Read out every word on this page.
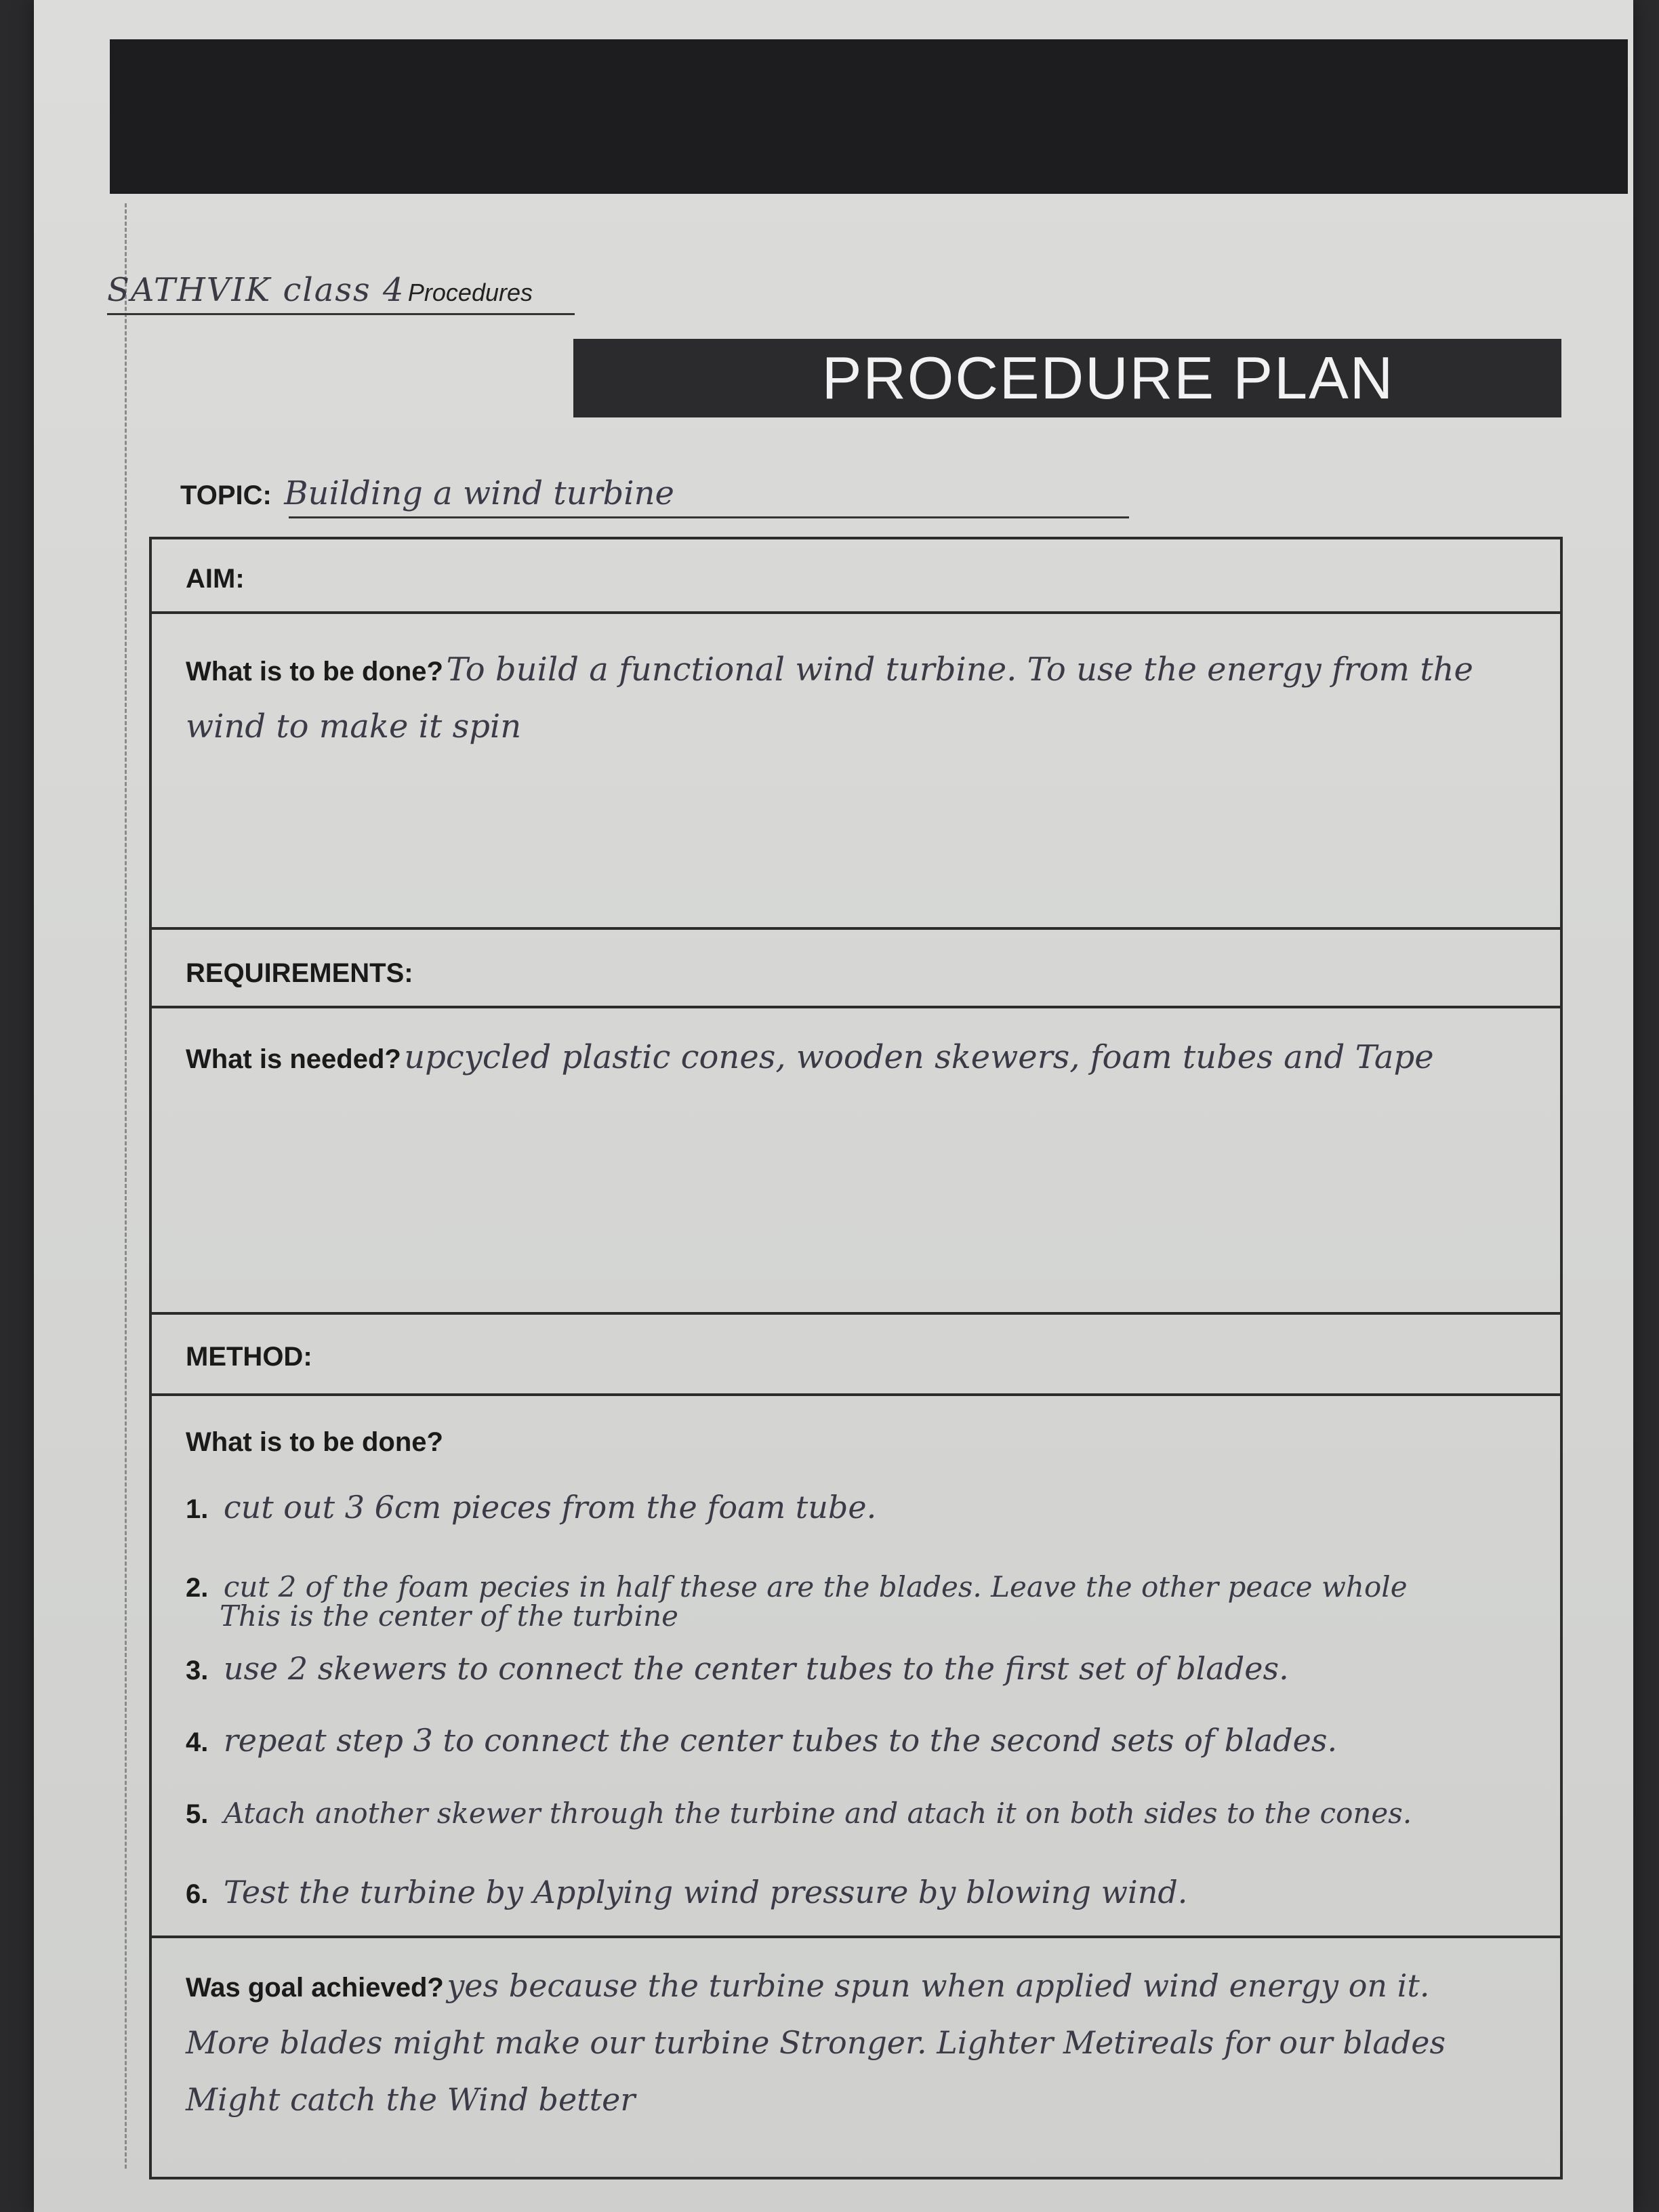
SATHVIK class 4 Procedures
PROCEDURE PLAN
TOPIC: Building a wind turbine
AIM:
What is to be done? To build a functional wind turbine. To use the energy from the wind to make it spin
REQUIREMENTS:
What is needed? upcycled plastic cones, wooden skewers, foam tubes and Tape
METHOD:
What is to be done?
1. cut out 3 6cm pieces from the foam tube.
2. cut 2 of the foam pecies in half these are the blades. Leave the other peace whole
This is the center of the turbine
3. use 2 skewers to connect the center tubes to the first set of blades.
4. repeat step 3 to connect the center tubes to the second sets of blades.
5. Atach another skewer through the turbine and atach it on both sides to the cones.
6. Test the turbine by Applying wind pressure by blowing wind.
Was goal achieved? yes because the turbine spun when applied wind energy on it.
More blades might make our turbine Stronger. Lighter Metireals for our blades
Might catch the Wind better
